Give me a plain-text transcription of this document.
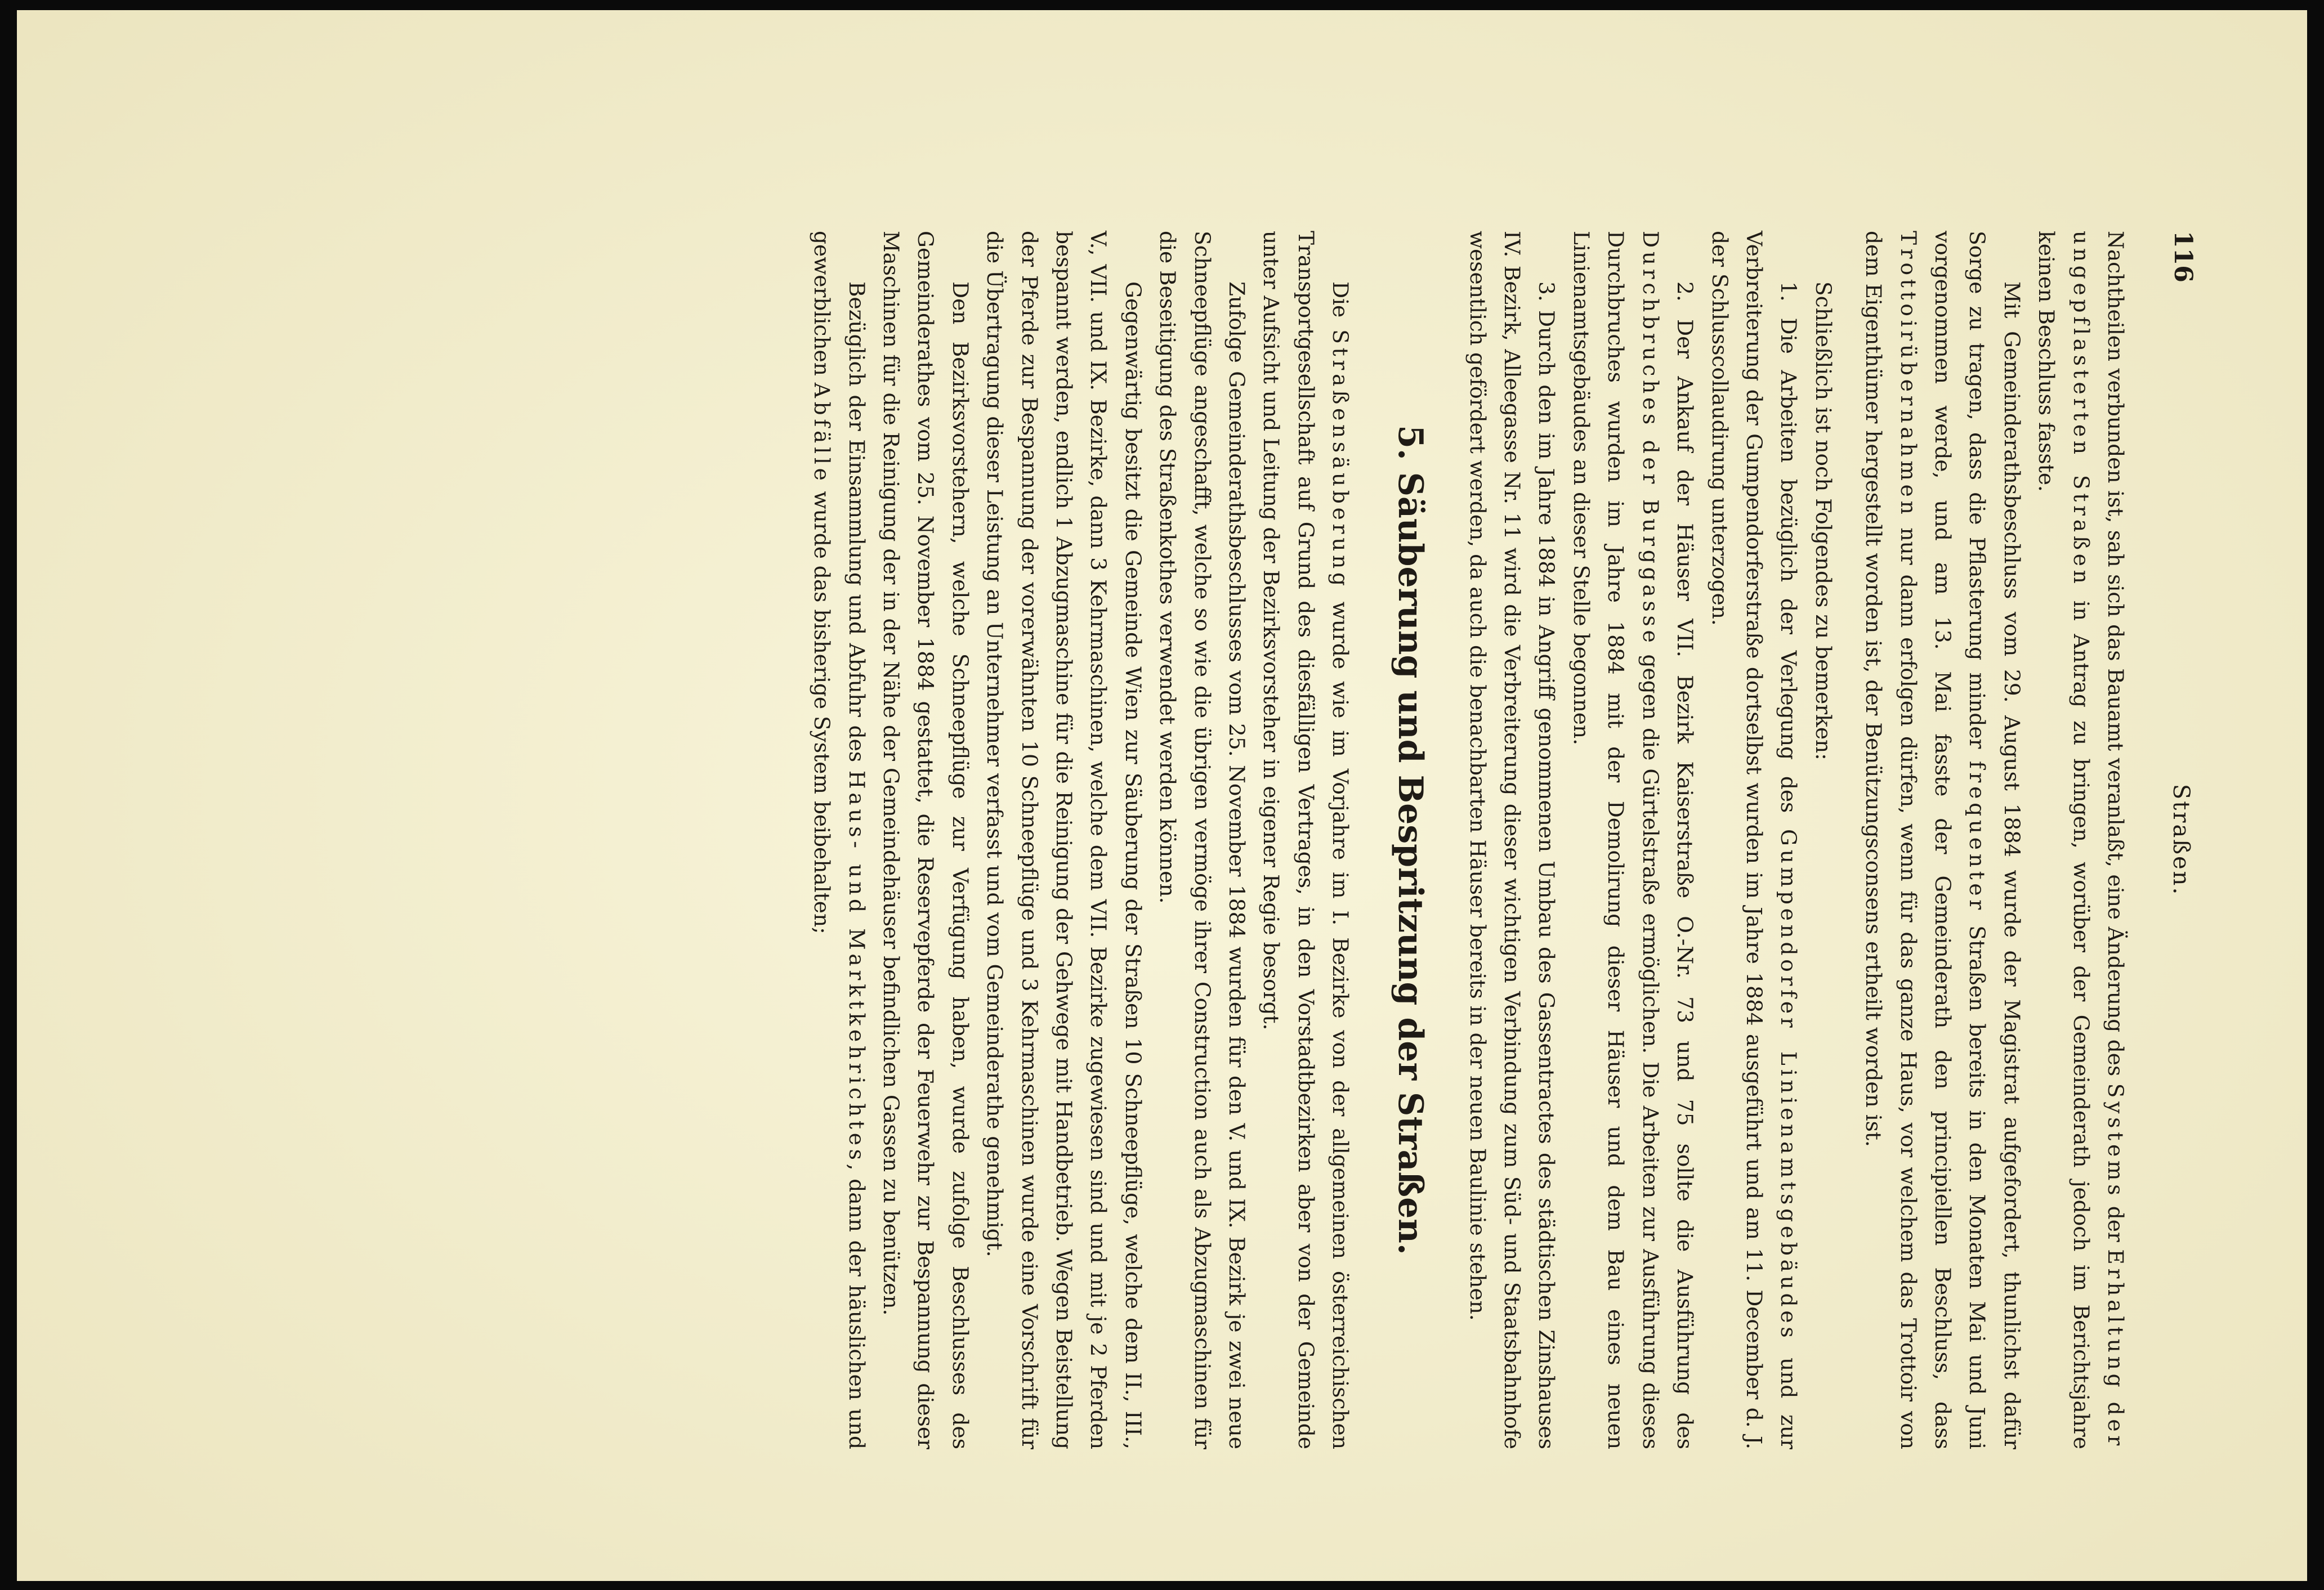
116
Straßen.

Nachtheilen verbunden ist, sah sich das Bauamt veranlaßt, eine Änderung des Systems der Erhaltung der ungepflasterten Straßen in Antrag zu bringen, worüber der Gemeinderath jedoch im Berichtsjahre keinen Beschluss fasste.

Mit Gemeinderathsbeschluss vom 29. August 1884 wurde der Magistrat aufgefordert, thunlichst dafür Sorge zu tragen, dass die Pflasterung minder frequenter Straßen bereits in den Monaten Mai und Juni vorgenommen werde, und am 13. Mai fasste der Gemeinderath den principiellen Beschluss, dass Trottoirübernahmen nur dann erfolgen dürfen, wenn für das ganze Haus, vor welchem das Trottoir von dem Eigenthümer hergestellt worden ist, der Benützungsconsens ertheilt worden ist.

Schließlich ist noch Folgendes zu bemerken:

1. Die Arbeiten bezüglich der Verlegung des Gumpendorfer Linienamtsgebäudes und zur Verbreiterung der Gumpendorferstraße dortselbst wurden im Jahre 1884 ausgeführt und am 11. December d. J. der Schlusscollaudirung unterzogen.

2. Der Ankauf der Häuser VII. Bezirk Kaiserstraße O.-Nr. 73 und 75 sollte die Ausführung des Durchbruches der Burggasse gegen die Gürtelstraße ermöglichen. Die Arbeiten zur Ausführung dieses Durchbruches wurden im Jahre 1884 mit der Demolirung dieser Häuser und dem Bau eines neuen Linienamtsgebäudes an dieser Stelle begonnen.

3. Durch den im Jahre 1884 in Angriff genommenen Umbau des Gassentractes des städtischen Zinshauses IV. Bezirk, Alleegasse Nr. 11 wird die Verbreiterung dieser wichtigen Verbindung zum Süd- und Staatsbahnhofe wesentlich gefördert werden, da auch die benachbarten Häuser bereits in der neuen Baulinie stehen.

5. Säuberung und Bespritzung der Straßen.

Die Straßensäuberung wurde wie im Vorjahre im I. Bezirke von der allgemeinen österreichischen Transportgesellschaft auf Grund des diesfälligen Vertrages, in den Vorstadtbezirken aber von der Gemeinde unter Aufsicht und Leitung der Bezirksvorsteher in eigener Regie besorgt.

Zufolge Gemeinderathsbeschlusses vom 25. November 1884 wurden für den V. und IX. Bezirk je zwei neue Schneepflüge angeschafft, welche so wie die übrigen vermöge ihrer Construction auch als Abzugmaschinen für die Beseitigung des Straßenkothes verwendet werden können.

Gegenwärtig besitzt die Gemeinde Wien zur Säuberung der Straßen 10 Schneepflüge, welche dem II., III., V., VII. und IX. Bezirke, dann 3 Kehrmaschinen, welche dem VII. Bezirke zugewiesen sind und mit je 2 Pferden bespannt werden, endlich 1 Abzugmaschine für die Reinigung der Gehwege mit Handbetrieb. Wegen Beistellung der Pferde zur Bespannung der vorerwähnten 10 Schneepflüge und 3 Kehrmaschinen wurde eine Vorschrift für die Übertragung dieser Leistung an Unternehmer verfasst und vom Gemeinderathe genehmigt.

Den Bezirksvorstehern, welche Schneepflüge zur Verfügung haben, wurde zufolge Beschlusses des Gemeinderathes vom 25. November 1884 gestattet, die Reservepferde der Feuerwehr zur Bespannung dieser Maschinen für die Reinigung der in der Nähe der Gemeindehäuser befindlichen Gassen zu benützen.

Bezüglich der Einsammlung und Abfuhr des Haus- und Marktkehrichtes, dann der häuslichen und gewerblichen Abfälle wurde das bisherige System beibehalten;
